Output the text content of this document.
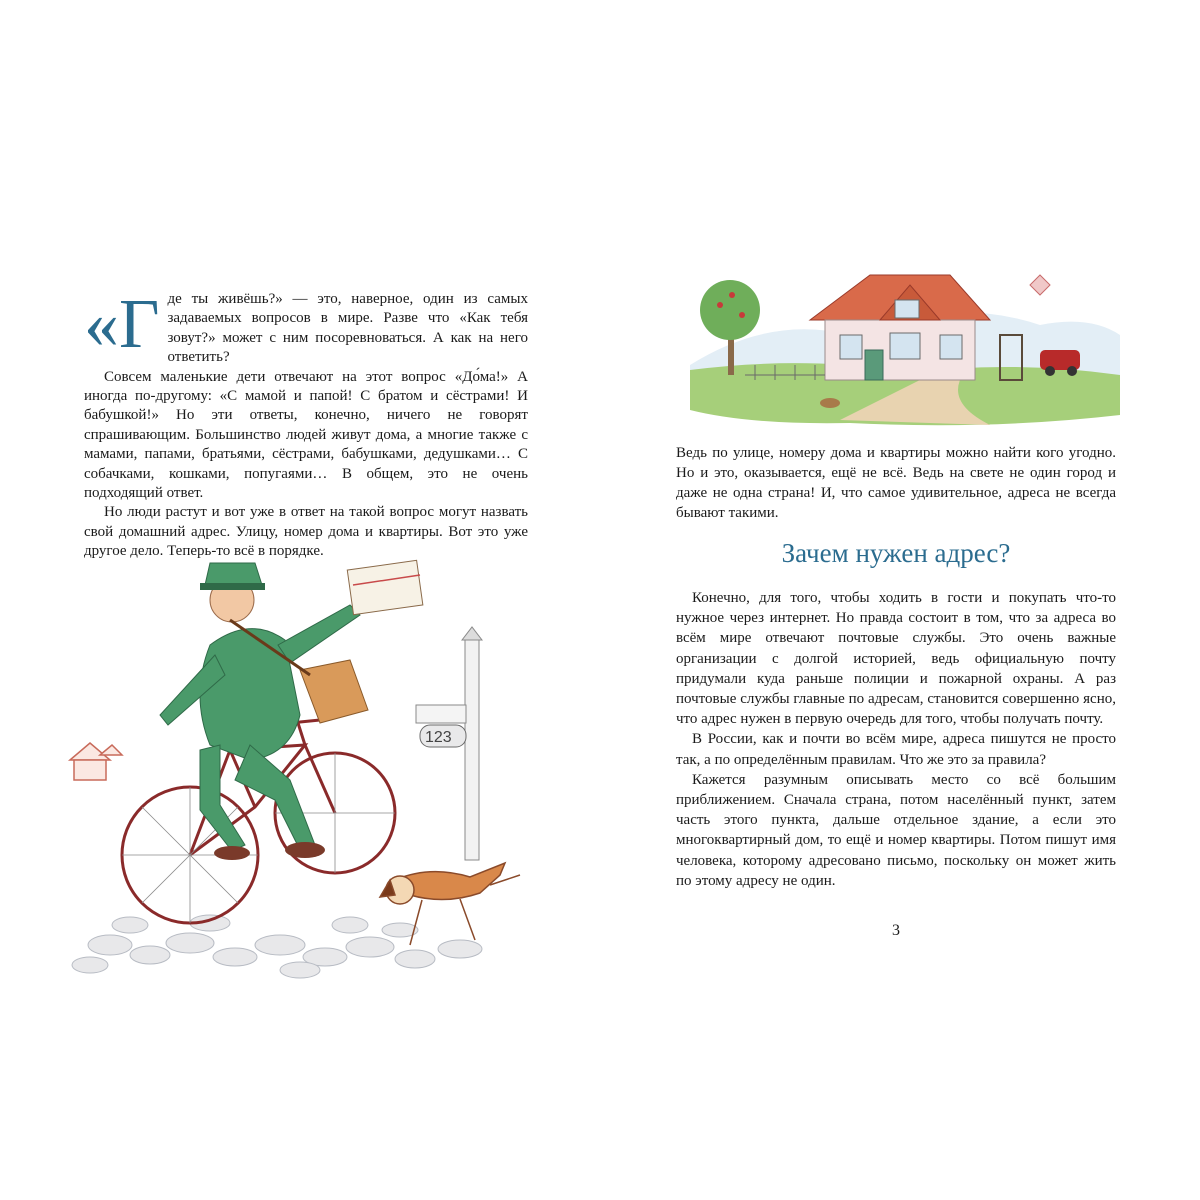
«Где ты живёшь?» — это, наверное, один из самых задаваемых вопросов в мире. Разве что «Как тебя зовут?» может с ним посоревноваться. А как на него ответить?

Совсем маленькие дети отвечают на этот вопрос «До́ма!» А иногда по-другому: «С мамой и папой! С братом и сёстрами! И бабушкой!» Но эти ответы, конечно, ничего не говорят спрашивающим. Большинство людей живут дома, а многие также с мамами, папами, братьями, сёстрами, бабушками, дедушками… С собачками, кошками, попугаями… В общем, это не очень подходящий ответ.

Но люди растут и вот уже в ответ на такой вопрос могут назвать свой домашний адрес. Улицу, номер дома и квартиры. Вот это уже другое дело. Теперь-то всё в порядке.

123

Ведь по улице, номеру дома и квартиры можно найти кого угодно. Но и это, оказывается, ещё не всё. Ведь на свете не один город и даже не одна страна! И, что самое удивительное, адреса не всегда бывают такими.

Зачем нужен адрес?

Конечно, для того, чтобы ходить в гости и покупать что-то нужное через интернет. Но правда состоит в том, что за адреса во всём мире отвечают почтовые службы. Это очень важные организации с долгой историей, ведь официальную почту придумали куда раньше полиции и пожарной охраны. А раз почтовые службы главные по адресам, становится совершенно ясно, что адрес нужен в первую очередь для того, чтобы получать почту.

В России, как и почти во всём мире, адреса пишутся не просто так, а по определённым правилам. Что же это за правила?

Кажется разумным описывать место со всё большим приближением. Сначала страна, потом населённый пункт, затем часть этого пункта, дальше отдельное здание, а если это многоквартирный дом, то ещё и номер квартиры. Потом пишут имя человека, которому адресовано письмо, поскольку он может жить по этому адресу не один.

3
